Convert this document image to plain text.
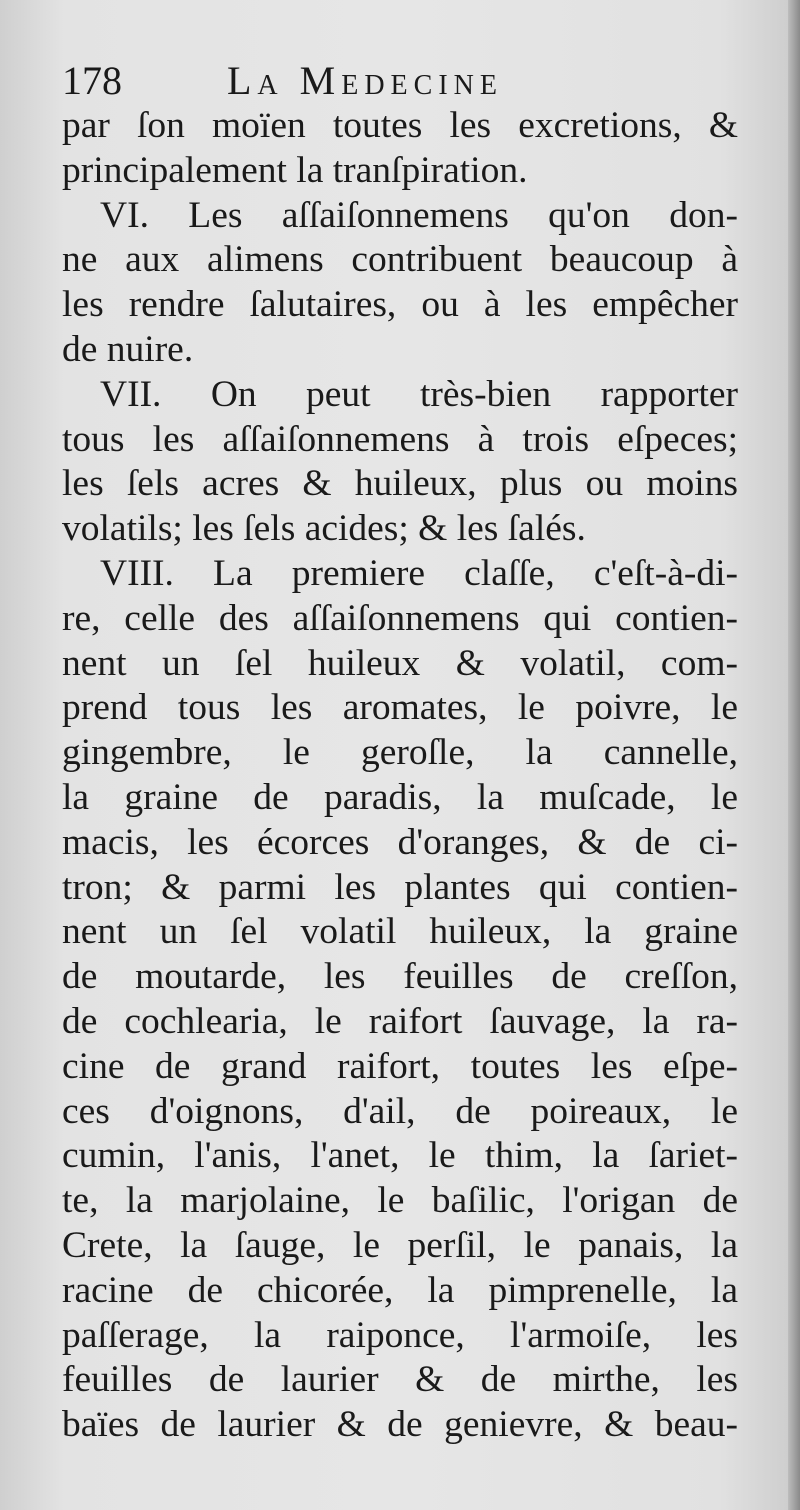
178	La Medecine
par ſon moïen toutes les excretions, &
principalement la tranſpiration.
VI. Les aſſaiſonnemens qu'on don-
ne aux alimens contribuent beaucoup à
les rendre ſalutaires, ou à les empêcher
de nuire.
VII. On peut très-bien rapporter
tous les aſſaiſonnemens à trois eſpeces;
les ſels acres & huileux, plus ou moins
volatils; les ſels acides; & les ſalés.
VIII. La premiere claſſe, c'eſt-à-di-
re, celle des aſſaiſonnemens qui contien-
nent un ſel huileux & volatil, com-
prend tous les aromates, le poivre, le
gingembre, le geroſle, la cannelle,
la graine de paradis, la muſcade, le
macis, les écorces d'oranges, & de ci-
tron; & parmi les plantes qui contien-
nent un ſel volatil huileux, la graine
de moutarde, les feuilles de creſſon,
de cochlearia, le raifort ſauvage, la ra-
cine de grand raifort, toutes les eſpe-
ces d'oignons, d'ail, de poireaux, le
cumin, l'anis, l'anet, le thim, la ſariet-
te, la marjolaine, le baſilic, l'origan de
Crete, la ſauge, le perſil, le panais, la
racine de chicorée, la pimprenelle, la
paſſerage, la raiponce, l'armoiſe, les
feuilles de laurier & de mirthe, les
baïes de laurier & de genievre, & beau-
